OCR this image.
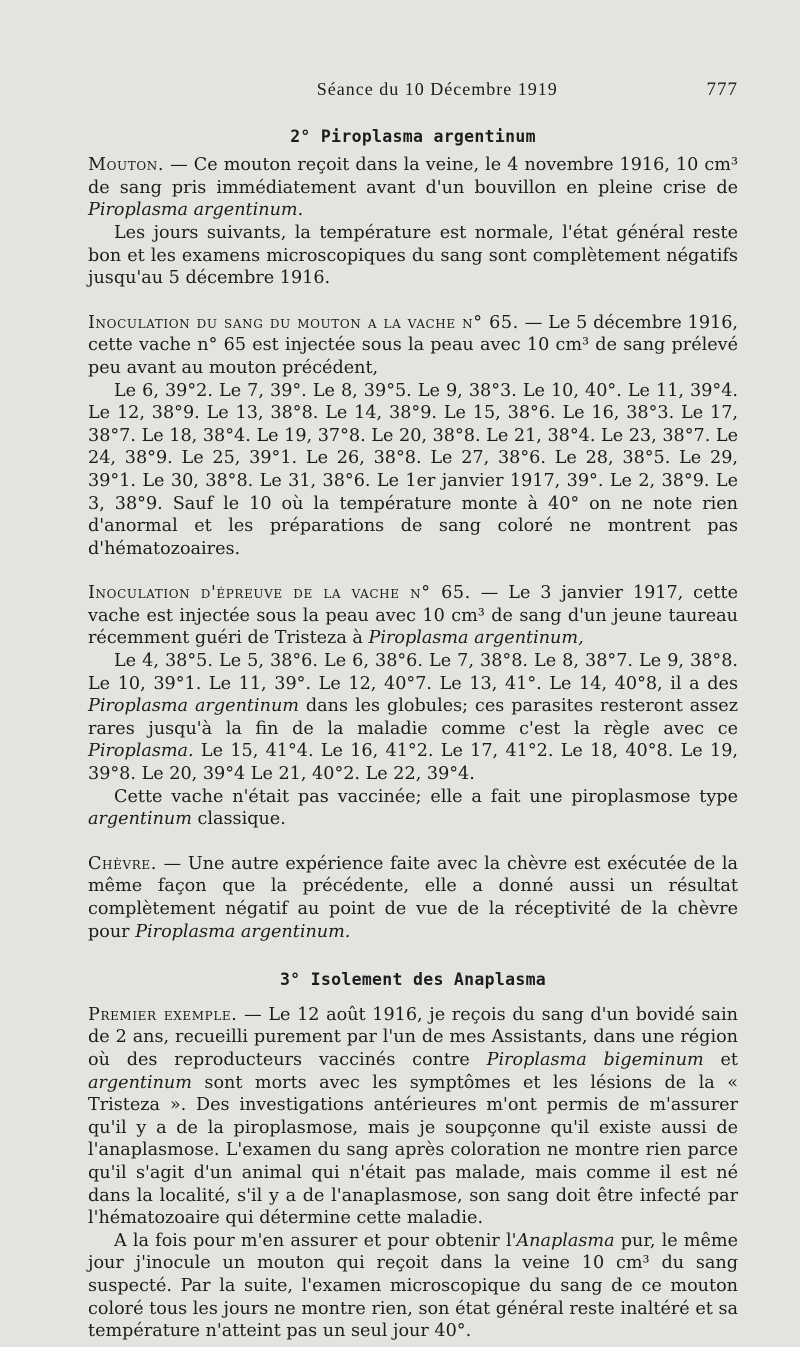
Séance du 10 Décembre 1919	777
2° Piroplasma argentinum

Mouton. — Ce mouton reçoit dans la veine, le 4 novembre 1916, 10 cm³ de sang pris immédiatement avant d'un bouvillon en pleine crise de Piroplasma argentinum.

Les jours suivants, la température est normale, l'état général reste bon et les examens microscopiques du sang sont complètement négatifs jusqu'au 5 décembre 1916.

Inoculation du sang du mouton a la vache n° 65. — Le 5 décembre 1916, cette vache n° 65 est injectée sous la peau avec 10 cm³ de sang prélevé peu avant au mouton précédent,

Le 6, 39°2. Le 7, 39°. Le 8, 39°5. Le 9, 38°3. Le 10, 40°. Le 11, 39°4. Le 12, 38°9. Le 13, 38°8. Le 14, 38°9. Le 15, 38°6. Le 16, 38°3. Le 17, 38°7. Le 18, 38°4. Le 19, 37°8. Le 20, 38°8. Le 21, 38°4. Le 23, 38°7. Le 24, 38°9. Le 25, 39°1. Le 26, 38°8. Le 27, 38°6. Le 28, 38°5. Le 29, 39°1. Le 30, 38°8. Le 31, 38°6. Le 1er janvier 1917, 39°. Le 2, 38°9. Le 3, 38°9. Sauf le 10 où la température monte à 40° on ne note rien d'anormal et les préparations de sang coloré ne montrent pas d'hématozoaires.

Inoculation d'épreuve de la vache n° 65. — Le 3 janvier 1917, cette vache est injectée sous la peau avec 10 cm³ de sang d'un jeune taureau récemment guéri de Tristeza à Piroplasma argentinum,

Le 4, 38°5. Le 5, 38°6. Le 6, 38°6. Le 7, 38°8. Le 8, 38°7. Le 9, 38°8. Le 10, 39°1. Le 11, 39°. Le 12, 40°7. Le 13, 41°. Le 14, 40°8, il a des Piroplasma argentinum dans les globules; ces parasites resteront assez rares jusqu'à la fin de la maladie comme c'est la règle avec ce Piroplasma. Le 15, 41°4. Le 16, 41°2. Le 17, 41°2. Le 18, 40°8. Le 19, 39°8. Le 20, 39°4 Le 21, 40°2. Le 22, 39°4.

Cette vache n'était pas vaccinée; elle a fait une piroplasmose type argentinum classique.

Chèvre. — Une autre expérience faite avec la chèvre est exécutée de la même façon que la précédente, elle a donné aussi un résultat complètement négatif au point de vue de la réceptivité de la chèvre pour Piroplasma argentinum.

3° Isolement des Anaplasma

Premier exemple. — Le 12 août 1916, je reçois du sang d'un bovidé sain de 2 ans, recueilli purement par l'un de mes Assistants, dans une région où des reproducteurs vaccinés contre Piroplasma bigeminum et argentinum sont morts avec les symptômes et les lésions de la « Tristeza ». Des investigations antérieures m'ont permis de m'assurer qu'il y a de la piroplasmose, mais je soupçonne qu'il existe aussi de l'anaplasmose. L'examen du sang après coloration ne montre rien parce qu'il s'agit d'un animal qui n'était pas malade, mais comme il est né dans la localité, s'il y a de l'anaplasmose, son sang doit être infecté par l'hématozoaire qui détermine cette maladie.

A la fois pour m'en assurer et pour obtenir l'Anaplasma pur, le même jour j'inocule un mouton qui reçoit dans la veine 10 cm³ du sang suspecté. Par la suite, l'examen microscopique du sang de ce mouton coloré tous les jours ne montre rien, son état général reste inaltéré et sa température n'atteint pas un seul jour 40°.
